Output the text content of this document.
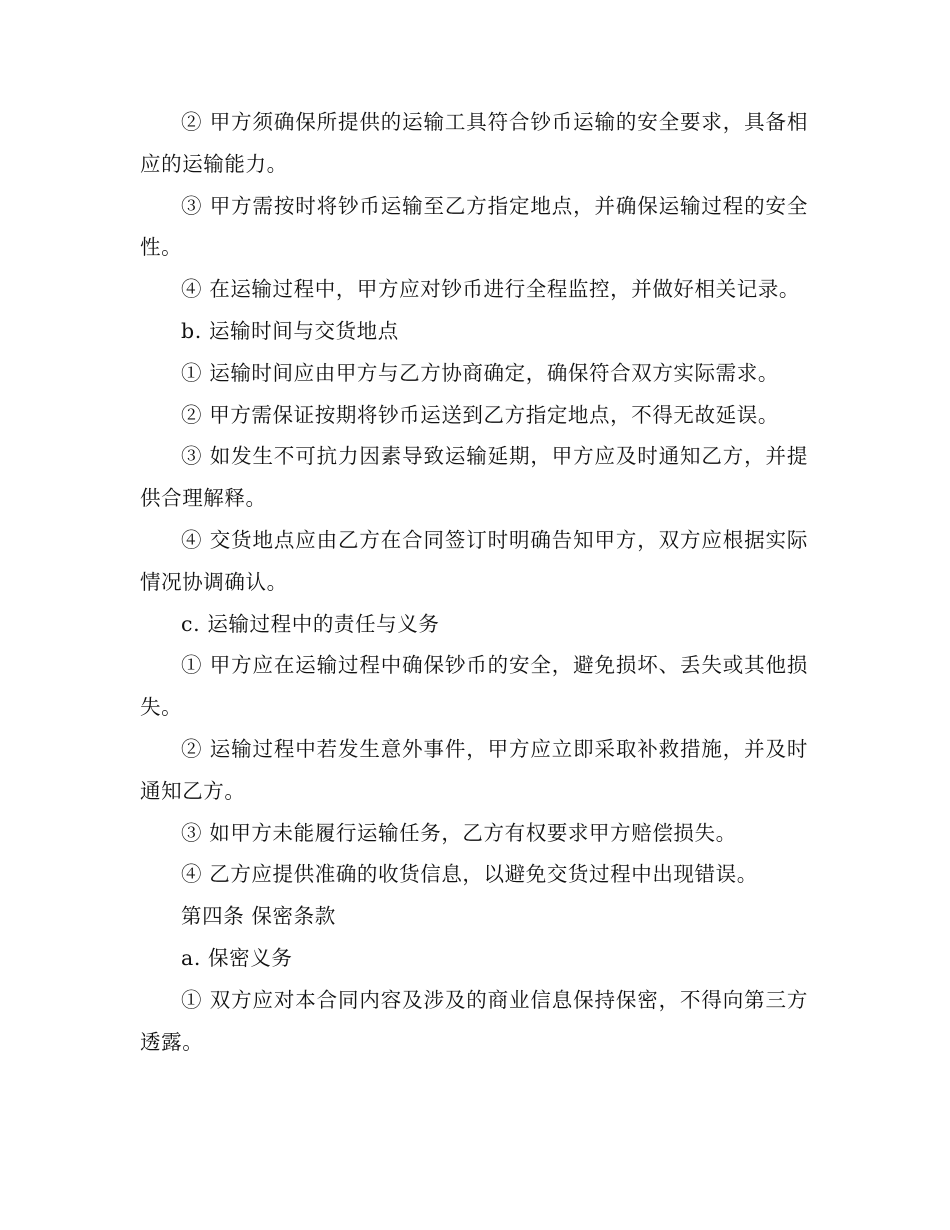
② 甲方须确保所提供的运输工具符合钞币运输的安全要求，具备相应的运输能力。

③ 甲方需按时将钞币运输至乙方指定地点，并确保运输过程的安全性。

④ 在运输过程中，甲方应对钞币进行全程监控，并做好相关记录。

b. 运输时间与交货地点

① 运输时间应由甲方与乙方协商确定，确保符合双方实际需求。

② 甲方需保证按期将钞币运送到乙方指定地点，不得无故延误。

③ 如发生不可抗力因素导致运输延期，甲方应及时通知乙方，并提供合理解释。

④ 交货地点应由乙方在合同签订时明确告知甲方，双方应根据实际情况协调确认。

c. 运输过程中的责任与义务

① 甲方应在运输过程中确保钞币的安全，避免损坏、丢失或其他损失。

② 运输过程中若发生意外事件，甲方应立即采取补救措施，并及时通知乙方。

③ 如甲方未能履行运输任务，乙方有权要求甲方赔偿损失。

④ 乙方应提供准确的收货信息，以避免交货过程中出现错误。

第四条 保密条款

a. 保密义务

① 双方应对本合同内容及涉及的商业信息保持保密，不得向第三方透露。
